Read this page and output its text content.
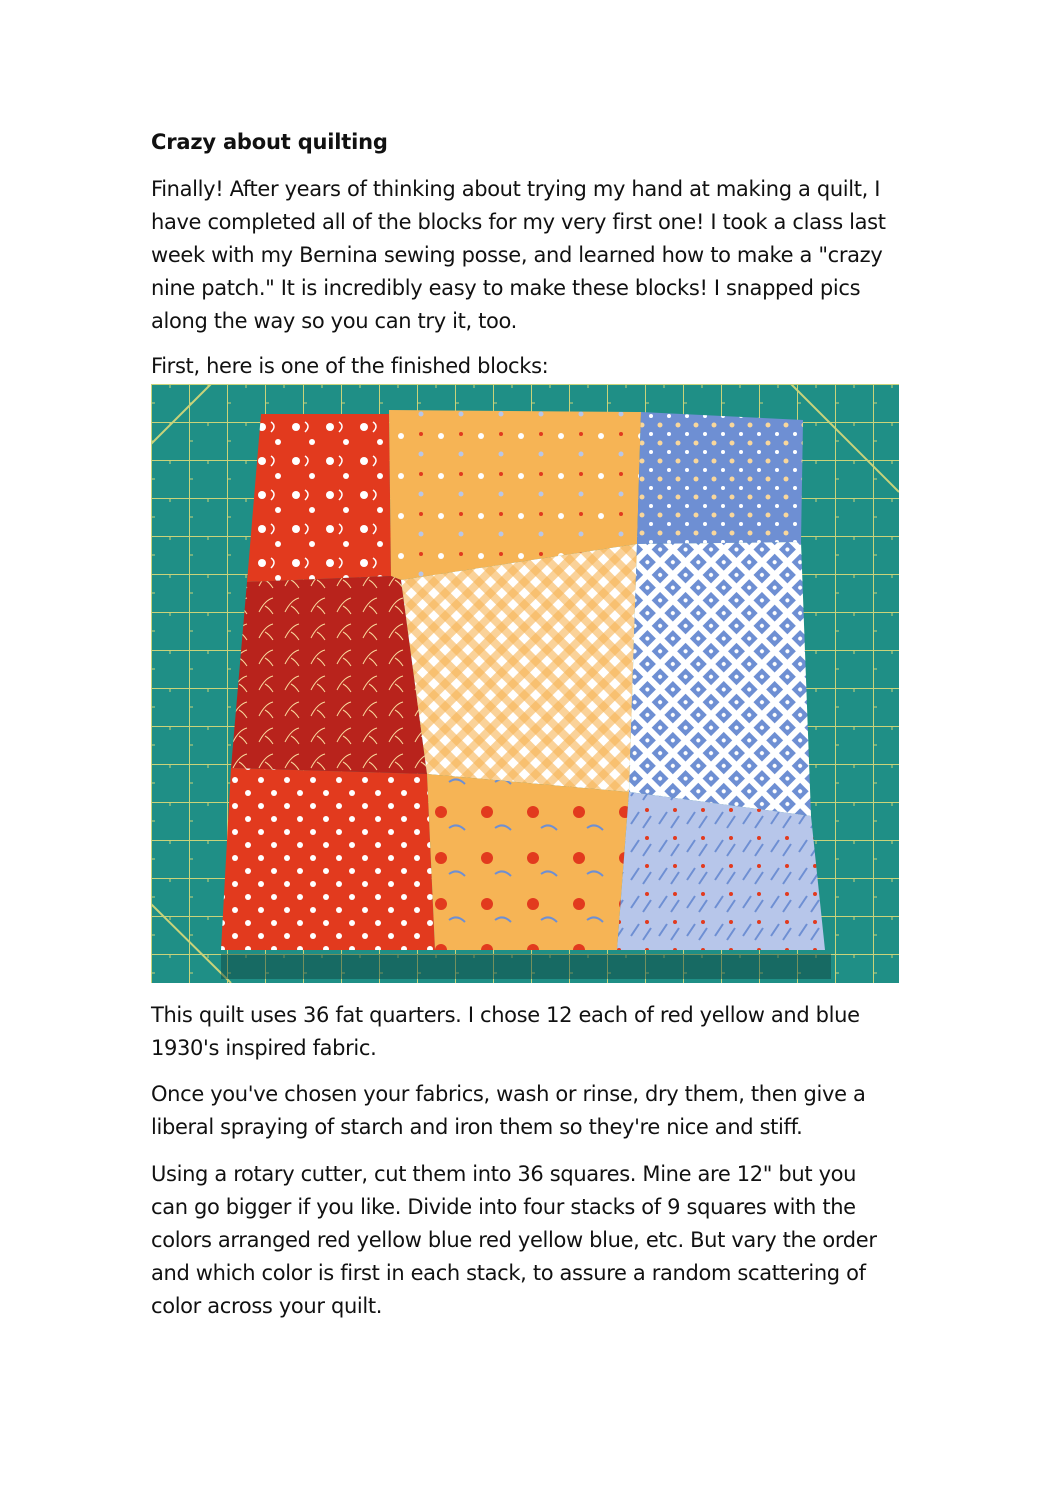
Crazy about quilting

Finally! After years of thinking about trying my hand at making a quilt, I
have completed all of the blocks for my very first one! I took a class last
week with my Bernina sewing posse, and learned how to make a "crazy
nine patch." It is incredibly easy to make these blocks! I snapped pics
along the way so you can try it, too.

First, here is one of the finished blocks:

This quilt uses 36 fat quarters. I chose 12 each of red yellow and blue
1930's inspired fabric.

Once you've chosen your fabrics, wash or rinse, dry them, then give a
liberal spraying of starch and iron them so they're nice and stiff.

Using a rotary cutter, cut them into 36 squares. Mine are 12" but you
can go bigger if you like. Divide into four stacks of 9 squares with the
colors arranged red yellow blue red yellow blue, etc. But vary the order
and which color is first in each stack, to assure a random scattering of
color across your quilt.
